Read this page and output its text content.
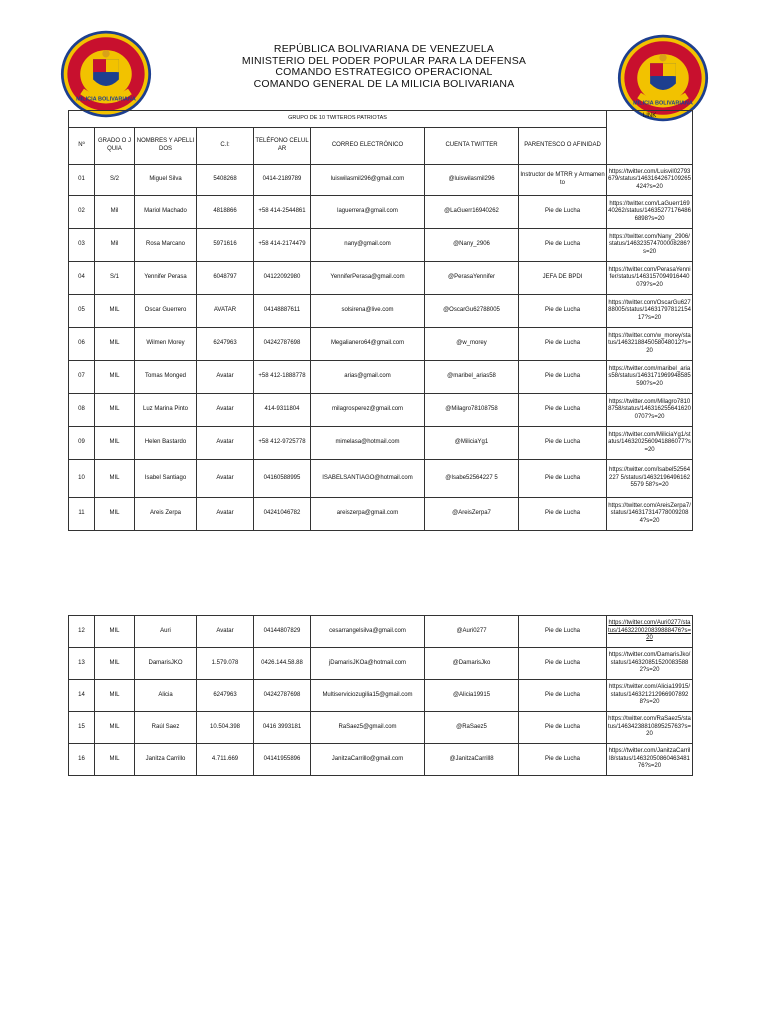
MILICIA BOLIVARIANA
MILICIA BOLIVARIANA
REPÚBLICA BOLIVARIANA DE VENEZUELA
MINISTERIO DEL PODER POPULAR PARA LA DEFENSA
COMANDO ESTRATEGICO OPERACIONAL
COMANDO GENERAL DE LA MILICIA BOLIVARIANA
GRUPO DE 10 TWITEROS PATRIOTAS								LINK
Nº	GRADO O JQUIA	NOMBRES Y APELLIDOS	C.I:	TELÉFONO CELULAR	CORREO ELECTRÓNICO	CUENTA TWITTER	PARENTESCO O AFINIDAD	
01	S/2	Miguel Silva	5408268	0414-2189789	luiswilasmil296@gmail.com	@luiswilasmil296	Instructor de MTRR y Armamento	https://twitter.com/Luisvil02793679/status/1463164267109265424?s=20
02	Mil	Mariol Machado	4818866	+58 414-2544861	laguerrera@gmail.com	@LaGuerr16940262	Pie de Lucha	https://twitter.com/LaGuerr16940262/status/146352771764866898?s=20
03	Mil	Rosa Marcano	5971616	+58 414-2174479	nany@gmail.com	@Nany_2906	Pie de Lucha	https://twitter.com/Nany_2906/status/146323574700008286?s=20
04	S/1	Yennifer Perasa	6048797	04122092980	YenniferPerasa@gmail.com	@PerasaYennifer	JEFA DE BPDI	https://twitter.com/PerasaYennifer/status/1463157094916440079?s=20
05	MIL	Oscar Guerrero	AVATAR	04148887611	solsirena@live.com	@OscarGu62788005	Pie de Lucha	https://twitter.com/OscarGu62788005/status/1463179781215417?s=20
06	MIL	Wilmen Morey	6247963	04242787698	Megalianero64@gmail.com	@w_morey	Pie de Lucha	https://twitter.com/w_morey/status/1463218845058048012?s=20
07	MIL	Tomas Monged	Avatar	+58 412-1888778	arias@gmail.com	@maribel_arias58	Pie de Lucha	https://twitter.com/maribel_arias58/status/1463171969948585590?s=20
08	MIL	Luz Marina Pinto	Avatar	414-9311804	milagrosperez@gmail.com	@Milagro78108758	Pie de Lucha	https://twitter.com/Milagro78108758/status/1463162556416200707?s=20
09	MIL	Helen Bastardo	Avatar	+58 412-9725778	mimelasa@hotmail.com	@MiliciaYg1	Pie de Lucha	https://twitter.com/MiliciaYg1/status/1463202560941886077?s=20
10	MIL	Isabel Santiago	Avatar	04160588995	ISABELSANTIAGO@hotmail.com	@Isabe52564227 5	Pie de Lucha	https://twitter.com/Isabel52564227 5/status/146321964961625579 58?s=20
11	MIL	Areis Zerpa	Avatar	04241046782	areiszerpa@gmail.com	@AreisZerpa7	Pie de Lucha	https://twitter.com/AreisZerpa7/status/1463173147780092084?s=20
12	MIL	Auri	Avatar	04144807829	cesarrangelsilva@gmail.com	@Auri0277	Pie de Lucha	https://twitter.com/Auri0277/status/1463220020839888476?s=20
13	MIL	DamarisJKO	1.579.078	0426.144.58.88	jDamarisJKOa@hotmail.com	@DamarisJko	Pie de Lucha	https://twitter.com/DamarisJko/status/1463208515200835882?s=20
14	MIL	Alicia	6247963	04242787698	Multiserviciozugilia15@gmail.com	@Alicia19915	Pie de Lucha	https://twitter.com/Alicia19915/status/146321212966907892 8?s=20
15	MIL	Raúl Saez	10.504.398	0416 3993181	RaSaez5@gmail.com	@RaSaez5	Pie de Lucha	https://twitter.com/RaSaez5/status/1463423881089525763?s=20
16	MIL	Janitza Carrillo	4.711.669	04141955896	JanitzaCarrillo@gmail.com	@JanitzaCarrill8	Pie de Lucha	https://twitter.com/JanitzaCarrill8/status/1463205086046348176?s=20
